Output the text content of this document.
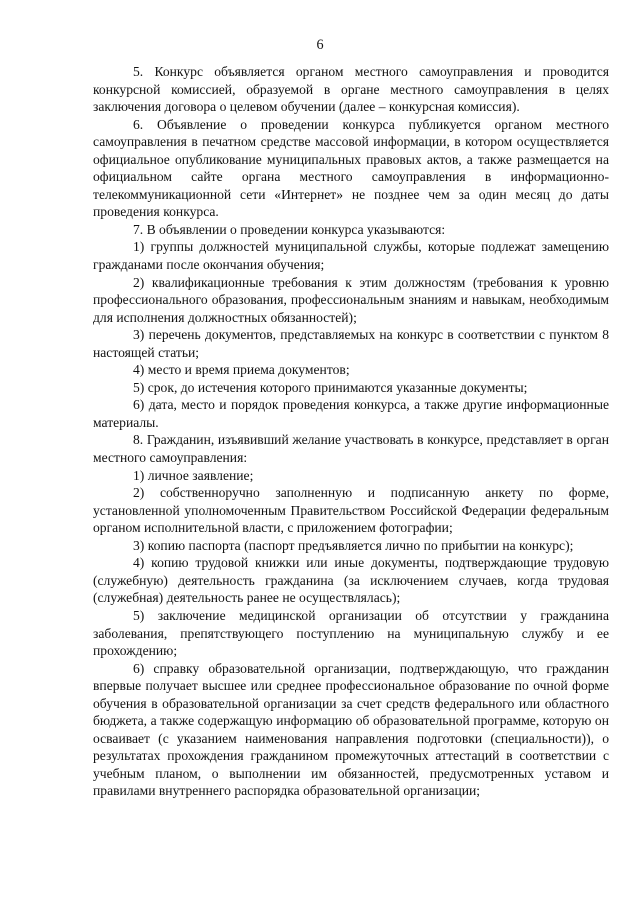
6

5. Конкурс объявляется органом местного самоуправления и проводится конкурсной комиссией, образуемой в органе местного самоуправления в целях заключения договора о целевом обучении (далее – конкурсная комиссия).

6. Объявление о проведении конкурса публикуется органом местного самоуправления в печатном средстве массовой информации, в котором осуществляется официальное опубликование муниципальных правовых актов, а также размещается на официальном сайте органа местного самоуправления в информационно-телекоммуникационной сети «Интернет» не позднее чем за один месяц до даты проведения конкурса.

7. В объявлении о проведении конкурса указываются:

1) группы должностей муниципальной службы, которые подлежат замещению гражданами после окончания обучения;

2) квалификационные требования к этим должностям (требования к уровню профессионального образования, профессиональным знаниям и навыкам, необходимым для исполнения должностных обязанностей);

3) перечень документов, представляемых на конкурс в соответствии с пунктом 8 настоящей статьи;

4) место и время приема документов;

5) срок, до истечения которого принимаются указанные документы;

6) дата, место и порядок проведения конкурса, а также другие информационные материалы.

8. Гражданин, изъявивший желание участвовать в конкурсе, представляет в орган местного самоуправления:

1) личное заявление;

2) собственноручно заполненную и подписанную анкету по форме, установленной уполномоченным Правительством Российской Федерации федеральным органом исполнительной власти, с приложением фотографии;

3) копию паспорта (паспорт предъявляется лично по прибытии на конкурс);

4) копию трудовой книжки или иные документы, подтверждающие трудовую (служебную) деятельность гражданина (за исключением случаев, когда трудовая (служебная) деятельность ранее не осуществлялась);

5) заключение медицинской организации об отсутствии у гражданина заболевания, препятствующего поступлению на муниципальную службу и ее прохождению;

6) справку образовательной организации, подтверждающую, что гражданин впервые получает высшее или среднее профессиональное образование по очной форме обучения в образовательной организации за счет средств федерального или областного бюджета, а также содержащую информацию об образовательной программе, которую он осваивает (с указанием наименования направления подготовки (специальности)), о результатах прохождения гражданином промежуточных аттестаций в соответствии с учебным планом, о выполнении им обязанностей, предусмотренных уставом и правилами внутреннего распорядка образовательной организации;
